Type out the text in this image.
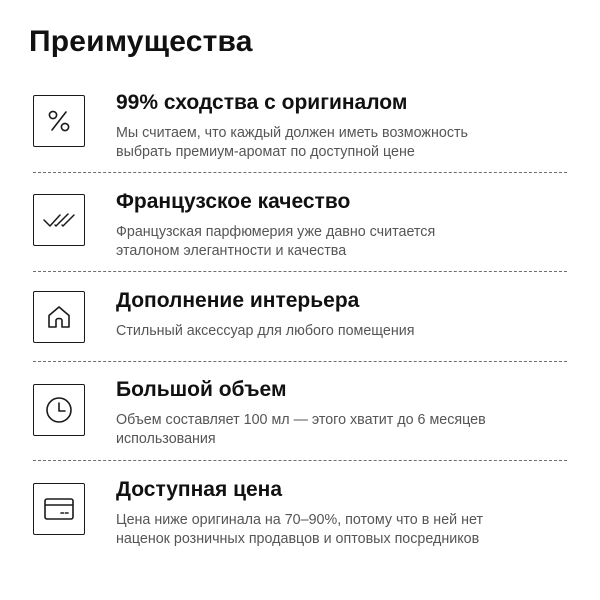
Преимущества
99% сходства с оригиналом

Мы считаем, что каждый должен иметь возможность
выбрать премиум-аромат по доступной цене

Французское качество

Французская парфюмерия уже давно считается
эталоном элегантности и качества

Дополнение интерьера

Стильный аксессуар для любого помещения

Большой объем

Объем составляет 100 мл — этого хватит до 6 месяцев
использования

Доступная цена

Цена ниже оригинала на 70–90%, потому что в ней нет
наценок розничных продавцов и оптовых посредников
